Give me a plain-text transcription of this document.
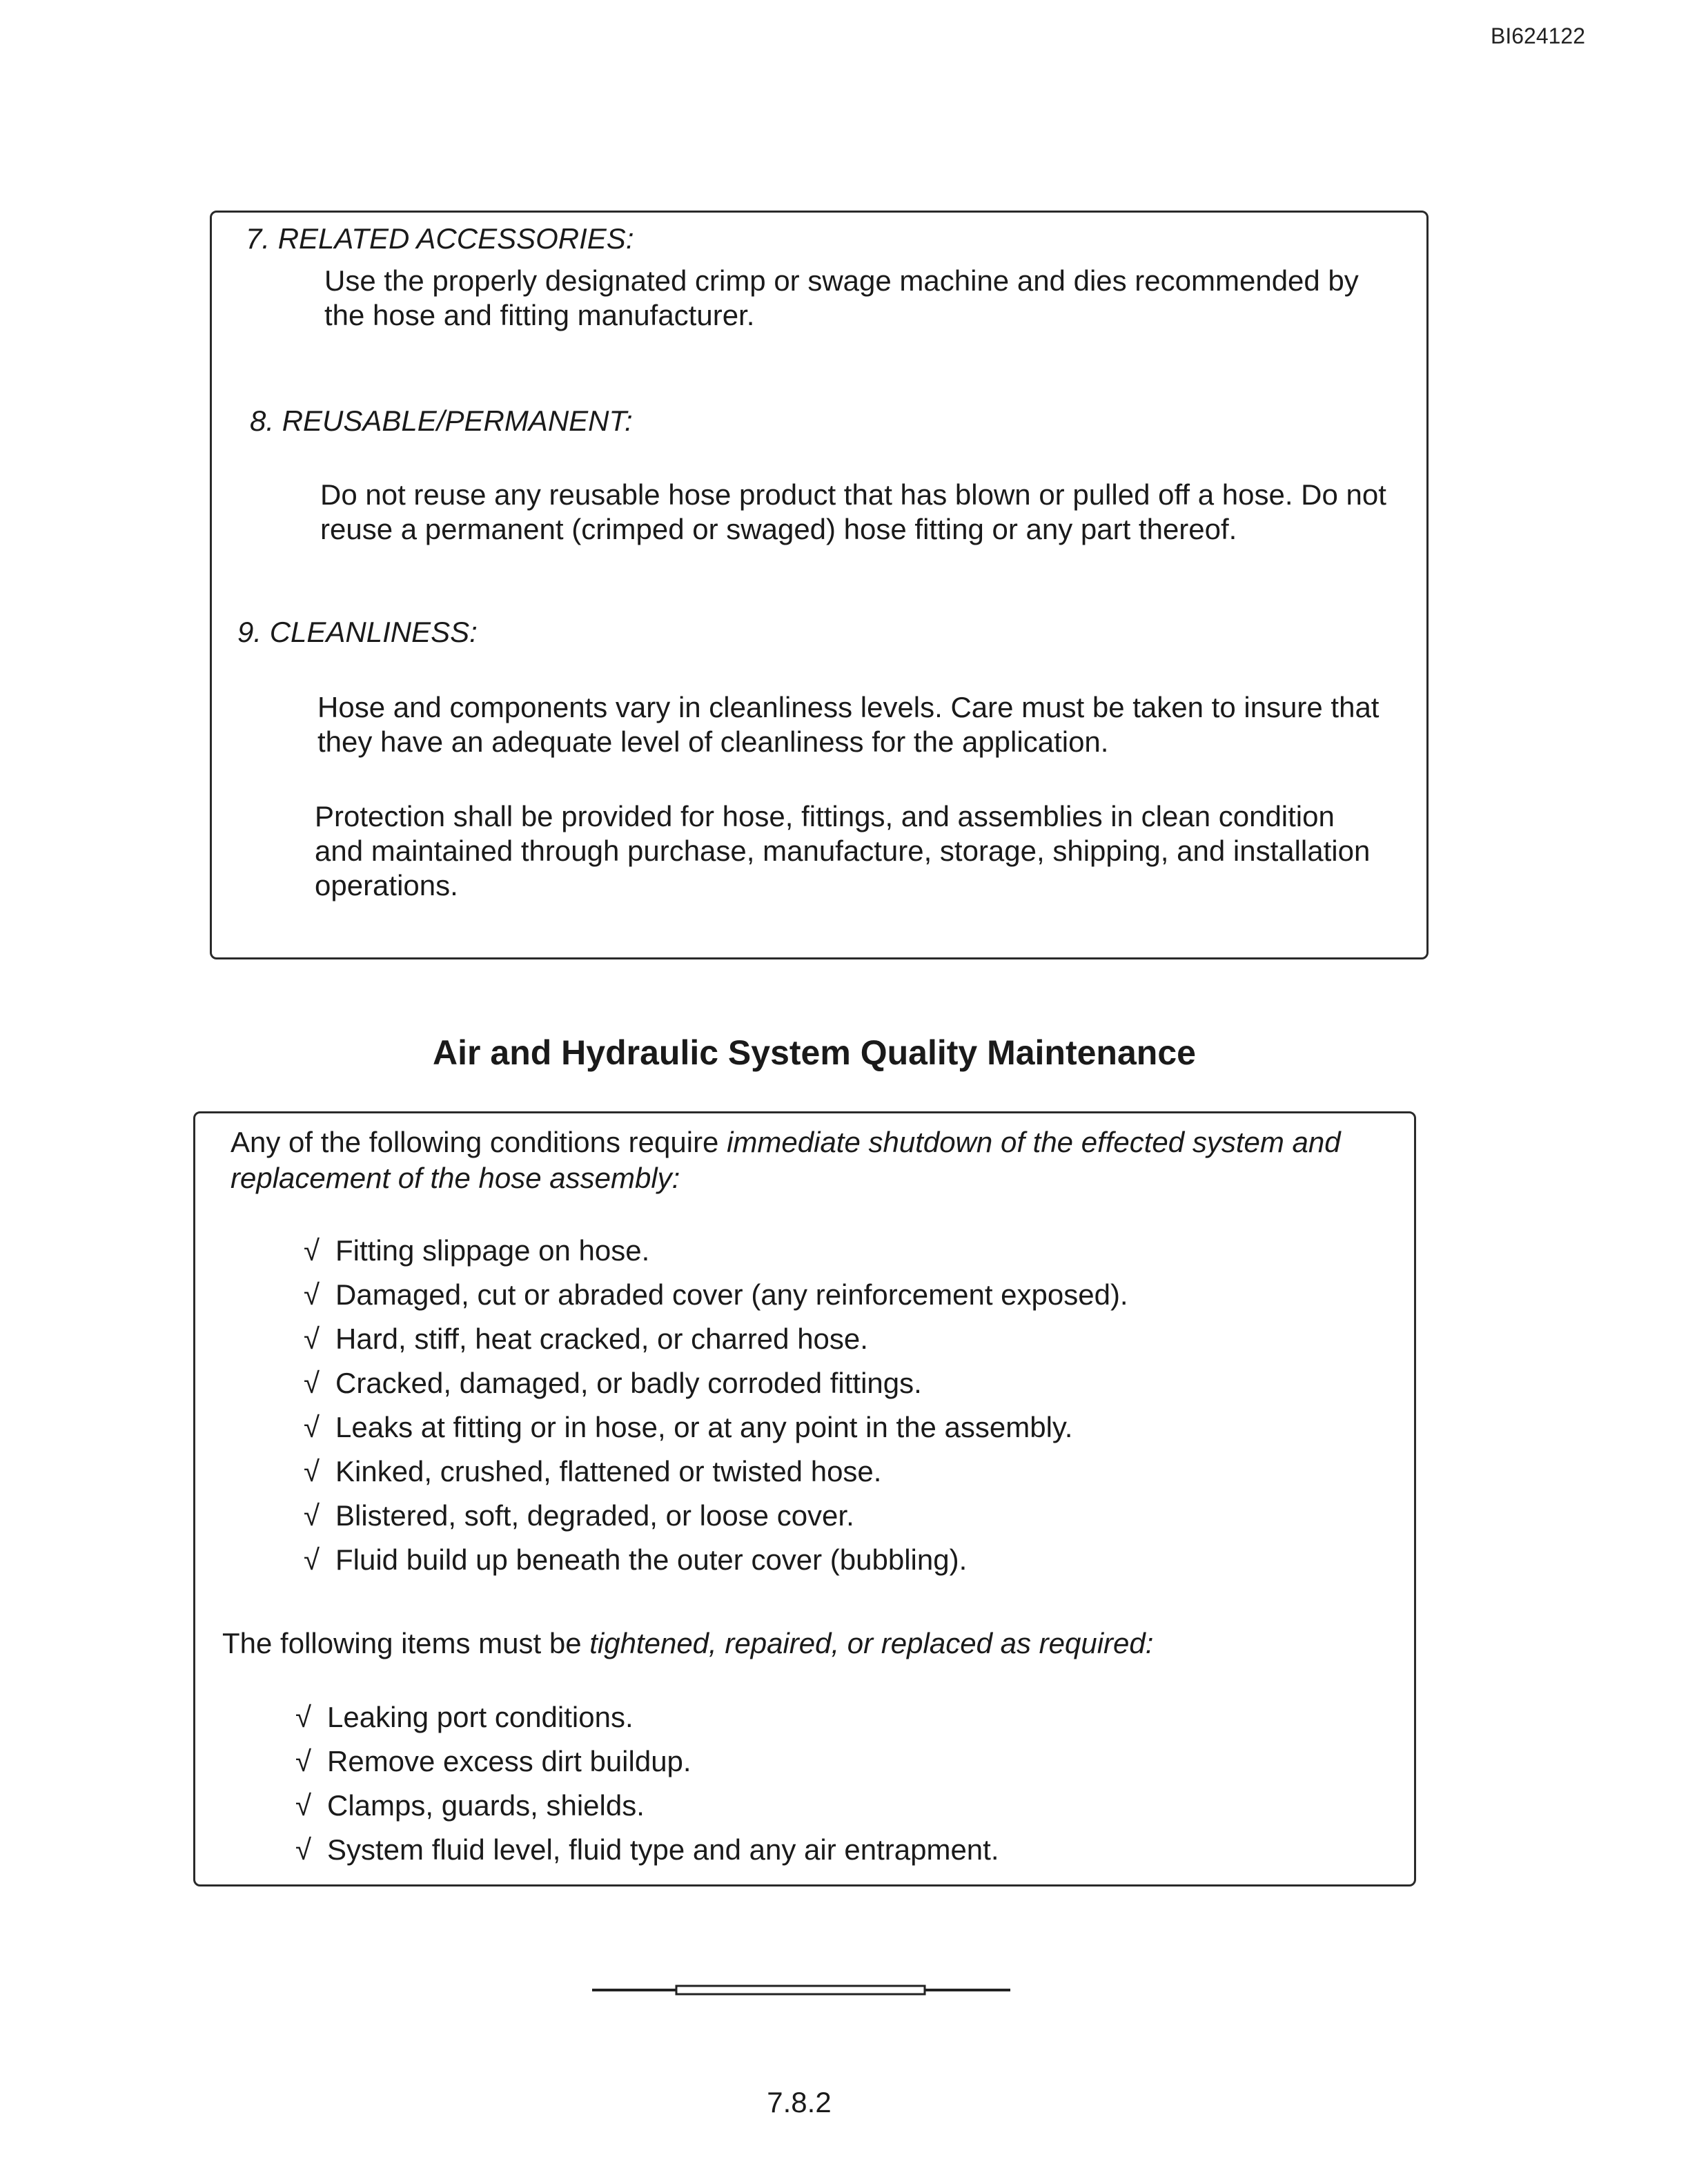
BI624122
7. RELATED ACCESSORIES:
Use the properly designated crimp or swage machine and dies recommended by
the hose and fitting manufacturer.
8. REUSABLE/PERMANENT:
Do not reuse any reusable hose product that has blown or pulled off a hose. Do not
reuse a permanent (crimped or swaged) hose fitting or any part thereof.
9. CLEANLINESS:
Hose and components vary in cleanliness levels. Care must be taken to insure that
they have an adequate level of cleanliness for the application.
Protection shall be provided for hose, fittings, and assemblies in clean condition
and maintained through purchase, manufacture, storage, shipping, and installation
operations.
Air and Hydraulic System Quality Maintenance
Any of the following conditions require immediate shutdown of the effected system and
replacement of the hose assembly:
√ Fitting slippage on hose.
√ Damaged, cut or abraded cover (any reinforcement exposed).
√ Hard, stiff, heat cracked, or charred hose.
√ Cracked, damaged, or badly corroded fittings.
√ Leaks at fitting or in hose, or at any point in the assembly.
√ Kinked, crushed, flattened or twisted hose.
√ Blistered, soft, degraded, or loose cover.
√ Fluid build up beneath the outer cover (bubbling).
The following items must be tightened, repaired, or replaced as required:
√ Leaking port conditions.
√ Remove excess dirt buildup.
√ Clamps, guards, shields.
√ System fluid level, fluid type and any air entrapment.
7.8.2
